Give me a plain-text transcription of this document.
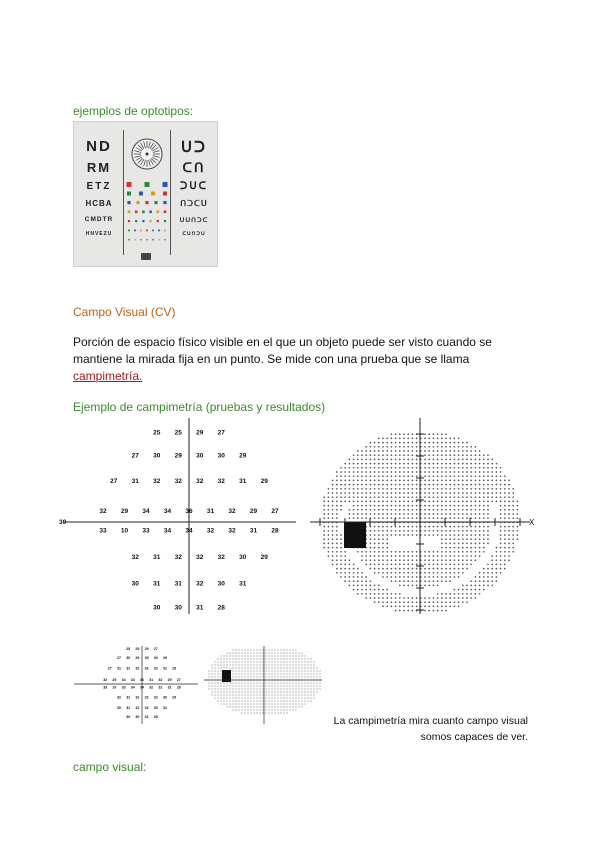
ejemplos de optotipos:
ND
RM
ETZ
HCBA
CMDTR
HNVEZU
ᑌᑐ
ᑕᑎ
ᑐᑌᑕ
ᑎᑐᑕᑌ
ᑌᑌᑎᑐᑕ
ᑕᑌᑎᑐᑌ
Campo Visual (CV)
Porción de espacio físico visible en el que un objeto puede ser visto cuando se
mantiene la mirada fija en un punto. Se mide con una prueba que se llama
campimetría.
Ejemplo de campimetría (pruebas y resultados)
30
25 25 29 27
27 30 29 30 30 29
27 31 32 32 32 32 31 29
32 29 34 34 36 31 32 29 27
33 10 33 34 34 32 32 31 28
32 31 32 32 32 30 29
30 31 31 32 30 31
30 30 31 28
X
25 25 29 27
27 30 29 30 30 29
27 31 32 32 32 32 31 29
32 29 34 34 36 31 32 29 27
33 10 33 34 34 32 32 31 28
32 31 32 32 32 30 29
30 31 31 32 30 31
30 30 31 28	La campimetría mira cuanto campo visual
somos capaces de ver.
campo visual:
